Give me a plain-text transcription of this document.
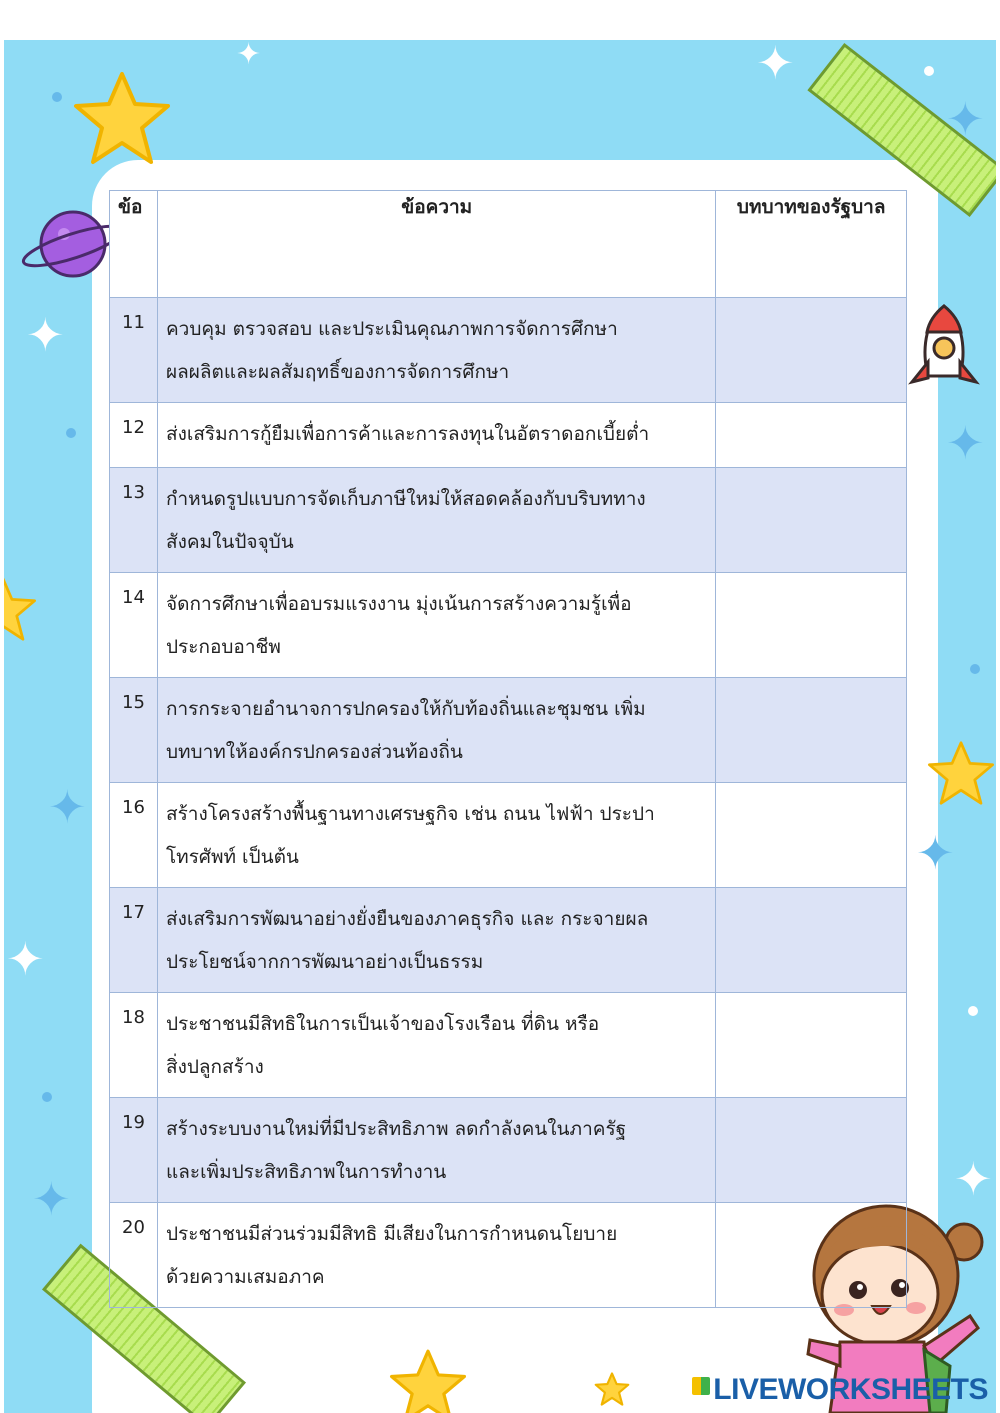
✦
✦
✦
✦
✦
✦
✦
✦	✦
✦
LIVEWORKSHEETS
ข้อ	ข้อความ	บทบาทของรัฐบาล
11	ควบคุม ตรวจสอบ และประเมินคุณภาพการจัดการศึกษา
ผลผลิตและผลสัมฤทธิ์ของการจัดการศึกษา	

12	ส่งเสริมการกู้ยืมเพื่อการค้าและการลงทุนในอัตราดอกเบี้ยต่ำ	

13	กำหนดรูปแบบการจัดเก็บภาษีใหม่ให้สอดคล้องกับบริบททาง
สังคมในปัจจุบัน	

14	จัดการศึกษาเพื่ออบรมแรงงาน มุ่งเน้นการสร้างความรู้เพื่อ
ประกอบอาชีพ	

15	การกระจายอำนาจการปกครองให้กับท้องถิ่นและชุมชน เพิ่ม
บทบาทให้องค์กรปกครองส่วนท้องถิ่น	

16	สร้างโครงสร้างพื้นฐานทางเศรษฐกิจ เช่น ถนน ไฟฟ้า ประปา
โทรศัพท์ เป็นต้น	

17	ส่งเสริมการพัฒนาอย่างยั่งยืนของภาคธุรกิจ และ กระจายผล
ประโยชน์จากการพัฒนาอย่างเป็นธรรม	

18	ประชาชนมีสิทธิในการเป็นเจ้าของโรงเรือน ที่ดิน หรือ
สิ่งปลูกสร้าง	

19	สร้างระบบงานใหม่ที่มีประสิทธิภาพ ลดกำลังคนในภาครัฐ
และเพิ่มประสิทธิภาพในการทำงาน	

20	ประชาชนมีส่วนร่วมมีสิทธิ มีเสียงในการกำหนดนโยบาย
ด้วยความเสมอภาค	
